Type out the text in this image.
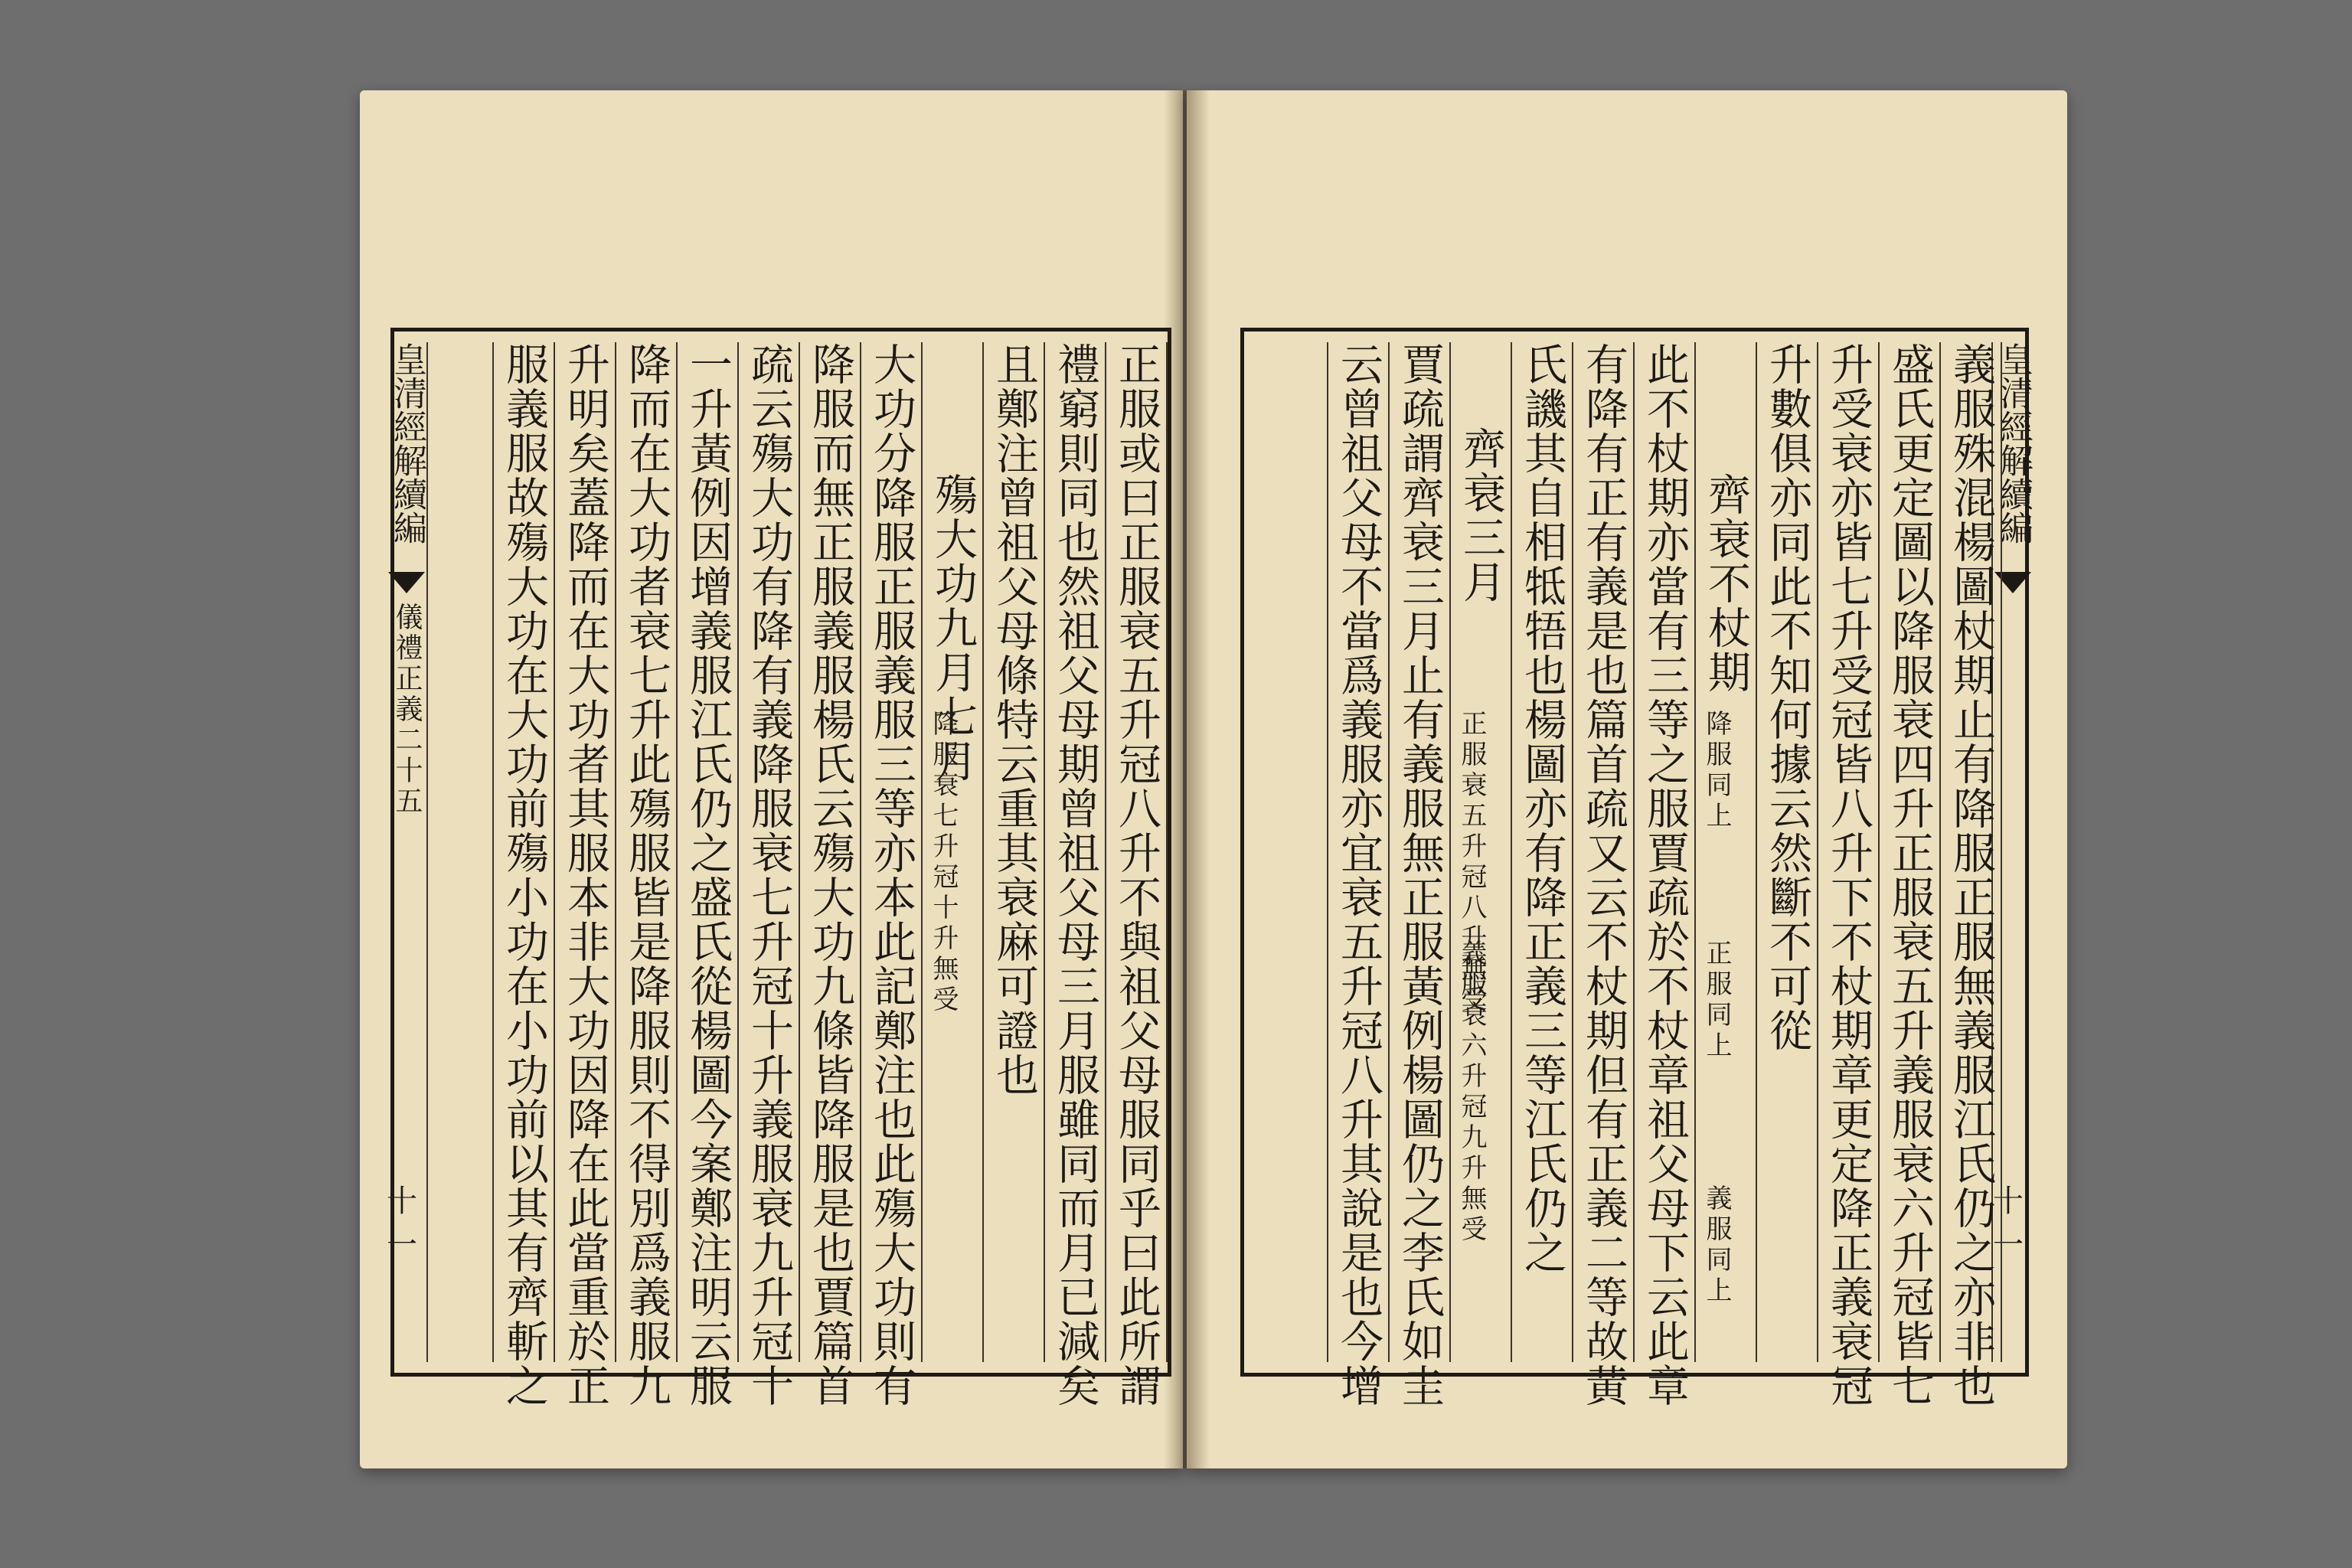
皇清經解續編
儀禮正義二十五
十一	正服或曰正服衰五升冠八升不與祖父母服同乎曰此所謂
禮窮則同也然祖父母期曾祖父母三月服雖同而月已減矣
且鄭注曾祖父母條特云重其衰麻可證也
殤大功九月七月
降服衰七升冠十升無受
大功分降服正服義服三等亦本此記鄭注也此殤大功則有
降服而無正服義服楊氏云殤大功九條皆降服是也賈篇首
疏云殤大功有降有義降服衰七升冠十升義服衰九升冠十
一升黃例因增義服江氏仍之盛氏從楊圖今案鄭注明云服
降而在大功者衰七升此殤服皆是降服則不得別爲義服九
升明矣蓋降而在大功者其服本非大功因降在此當重於正
服義服故殤大功在大功前殤小功在小功前以其有齊斬之	皇清經解續編
十一
義服殊混楊圖杖期止有降服正服無義服江氏仍之亦非也
盛氏更定圖以降服衰四升正服衰五升義服衰六升冠皆七
升受衰亦皆七升受冠皆八升下不杖期章更定降正義衰冠
升數俱亦同此不知何據云然斷不可從
齊衰不杖期
降服同上
正服同上
義服同上
此不杖期亦當有三等之服賈疏於不杖章祖父母下云此章
有降有正有義是也篇首疏又云不杖期但有正義二等故黃
氏譏其自相牴牾也楊圖亦有降正義三等江氏仍之
齊衰三月
正服衰五升冠八升無受
義服衰六升冠九升無受
賈疏謂齊衰三月止有義服無正服黃例楊圖仍之李氏如圭
云曾祖父母不當爲義服亦宜衰五升冠八升其說是也今增
